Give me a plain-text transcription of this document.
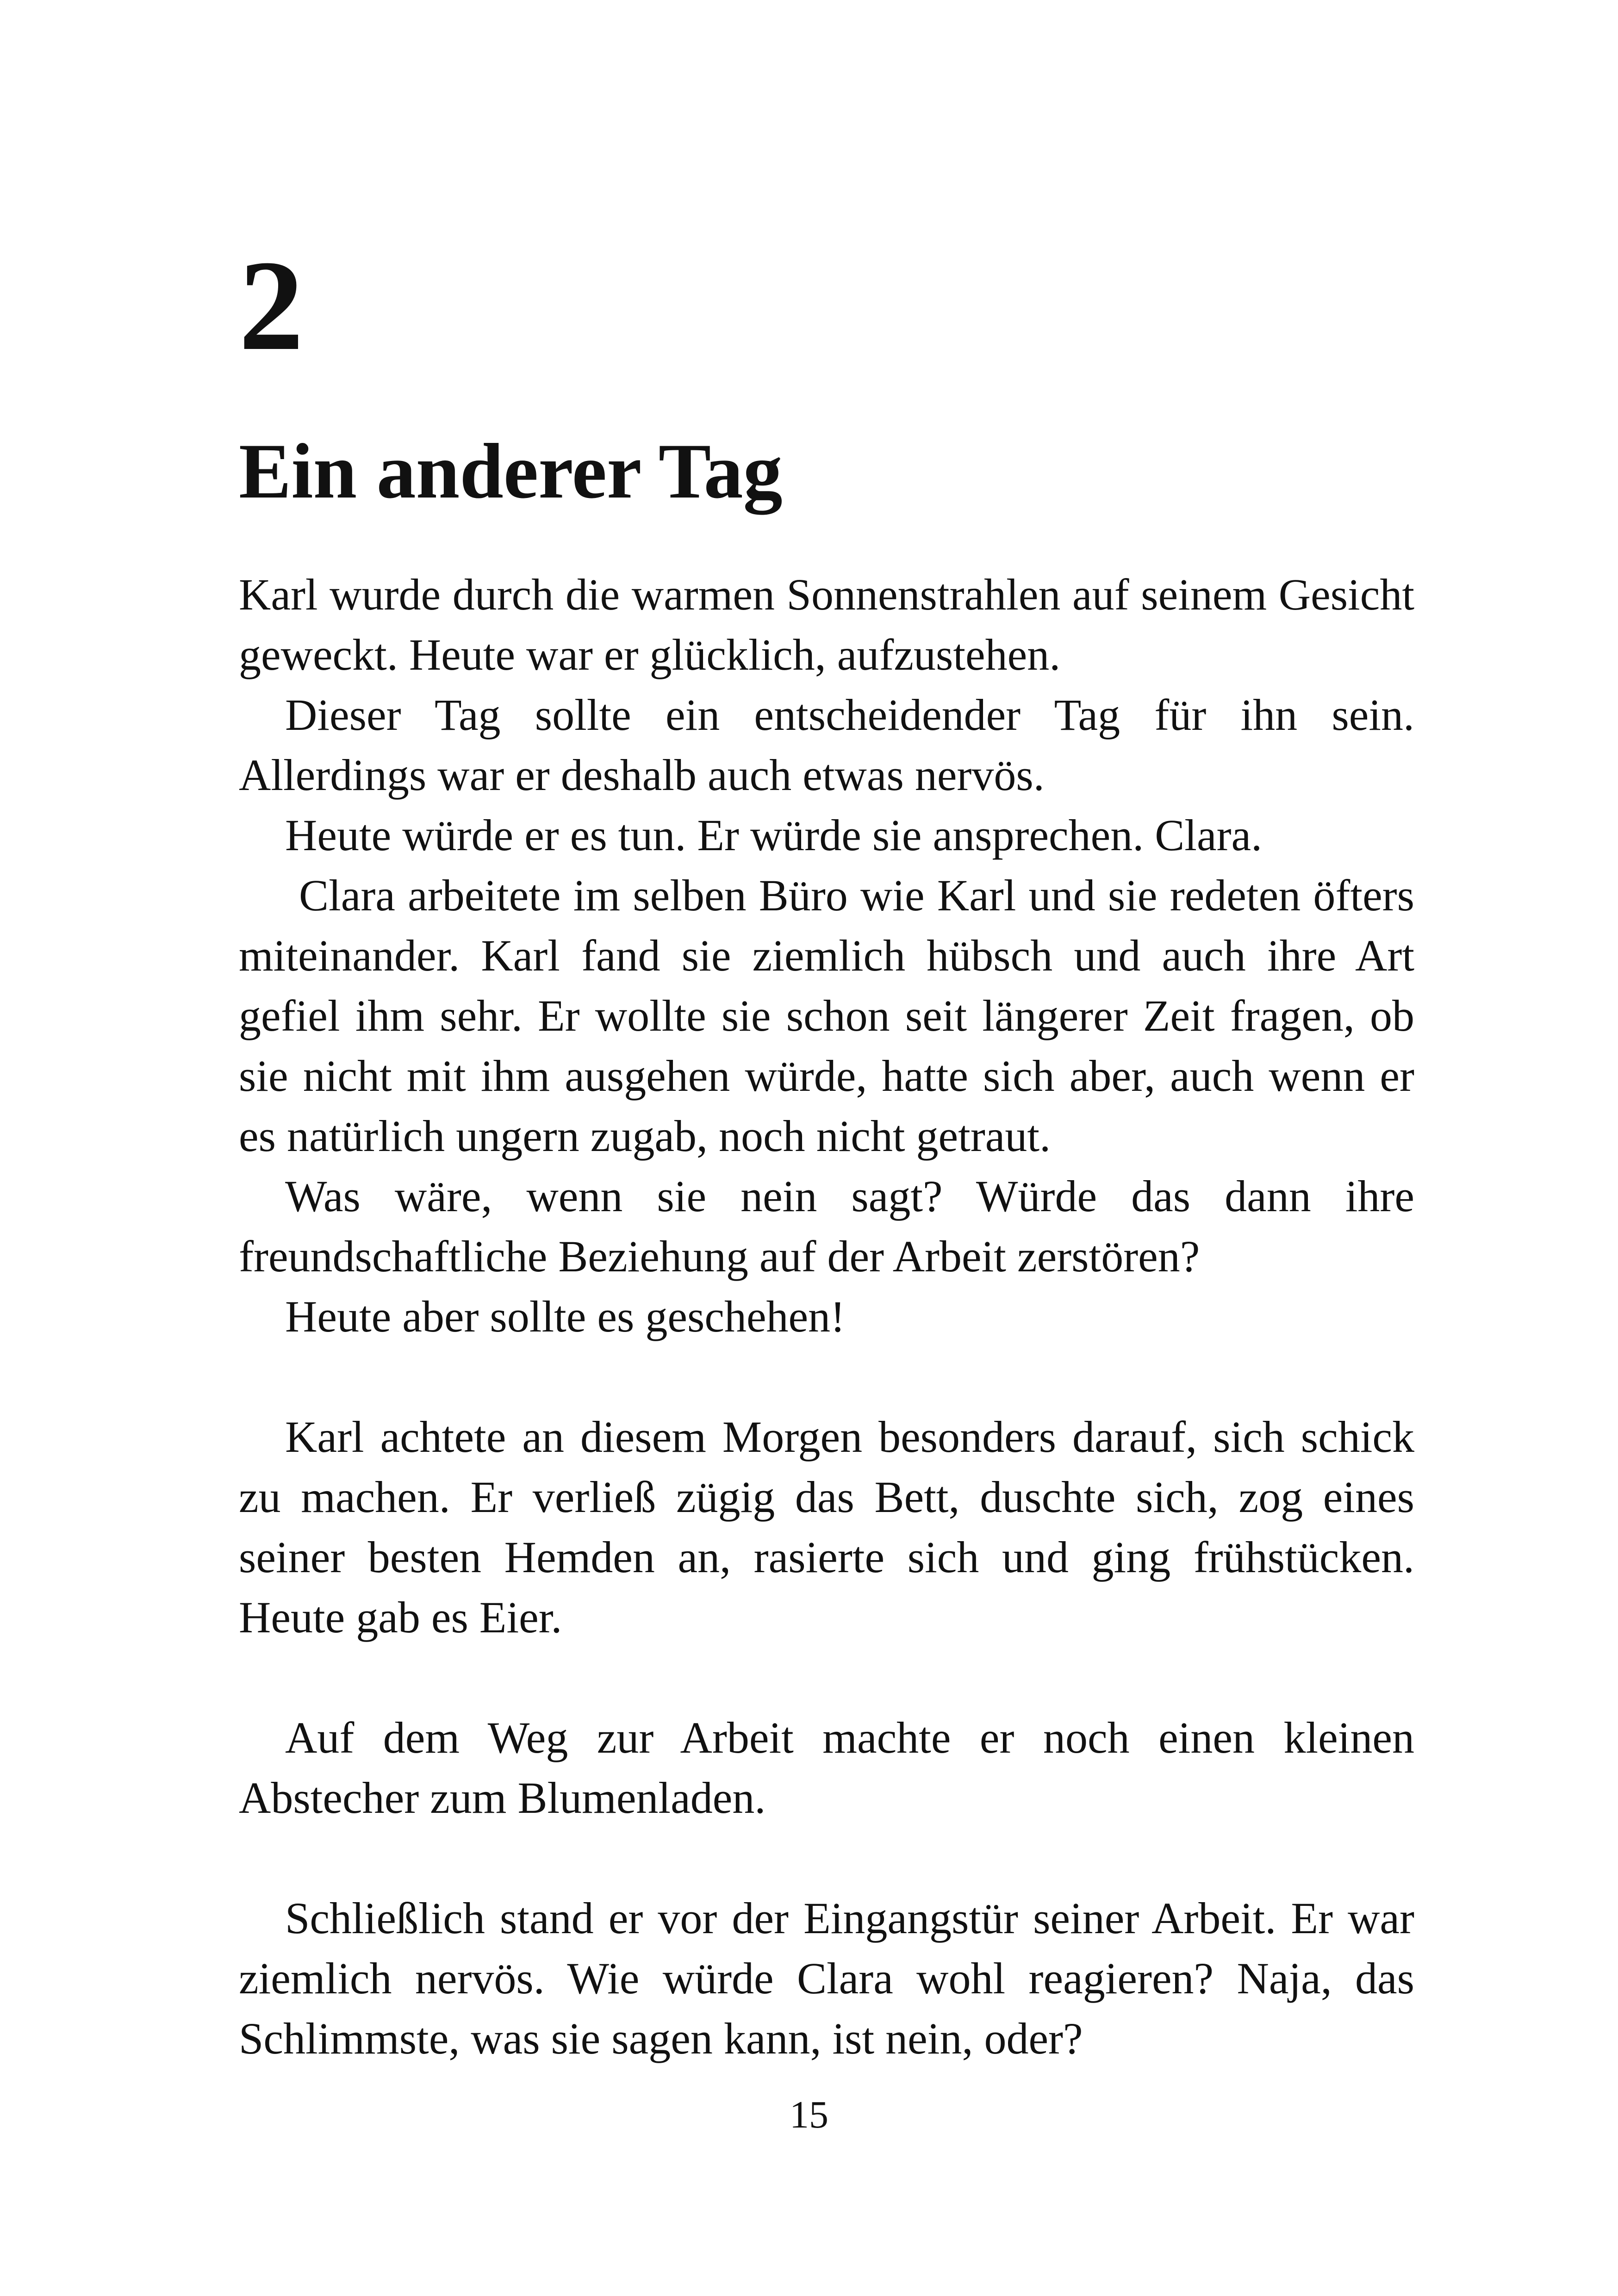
2
Ein anderer Tag

Karl wurde durch die warmen Sonnenstrahlen auf seinem Gesicht geweckt. Heute war er glücklich, aufzustehen.

Dieser Tag sollte ein entscheidender Tag für ihn sein. Allerdings war er deshalb auch etwas nervös.

Heute würde er es tun. Er würde sie ansprechen. Clara.

Clara arbeitete im selben Büro wie Karl und sie redeten öfters miteinander. Karl fand sie ziemlich hübsch und auch ihre Art gefiel ihm sehr. Er wollte sie schon seit längerer Zeit fragen, ob sie nicht mit ihm ausgehen würde, hatte sich aber, auch wenn er es natürlich ungern zugab, noch nicht getraut.

Was wäre, wenn sie nein sagt? Würde das dann ihre freundschaftliche Beziehung auf der Arbeit zerstören?

Heute aber sollte es geschehen!

Karl achtete an diesem Morgen besonders darauf, sich schick zu machen. Er verließ zügig das Bett, duschte sich, zog eines seiner besten Hemden an, rasierte sich und ging frühstücken. Heute gab es Eier.

Auf dem Weg zur Arbeit machte er noch einen kleinen Abstecher zum Blumenladen.

Schließlich stand er vor der Eingangstür seiner Arbeit. Er war ziemlich nervös. Wie würde Clara wohl reagieren? Naja, das Schlimmste, was sie sagen kann, ist nein, oder?

15
